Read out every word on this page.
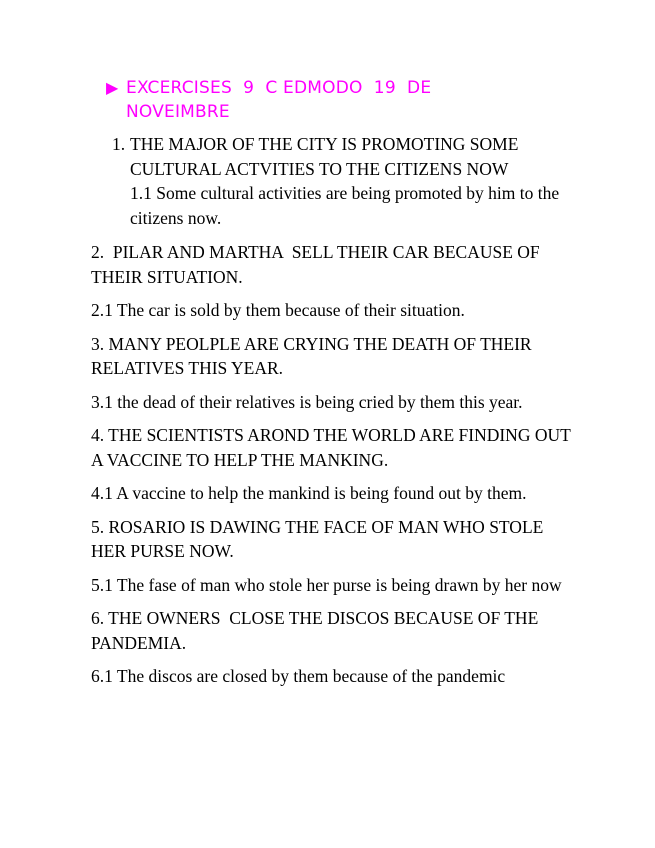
▶ EXCERCISES  9  C EDMODO  19  DE NOVEIMBRE
1. THE MAJOR OF THE CITY IS PROMOTING SOME CULTURAL ACTVITIES TO THE CITIZENS NOW
1.1 Some cultural activities are being promoted by him to the citizens now.

2.  PILAR AND MARTHA  SELL THEIR CAR BECAUSE OF THEIR SITUATION.

2.1 The car is sold by them because of their situation.

3. MANY PEOLPLE ARE CRYING THE DEATH OF THEIR RELATIVES THIS YEAR.

3.1 the dead of their relatives is being cried by them this year.

4. THE SCIENTISTS AROND THE WORLD ARE FINDING OUT A VACCINE TO HELP THE MANKING.

4.1 A vaccine to help the mankind is being found out by them.

5. ROSARIO IS DAWING THE FACE OF MAN WHO STOLE HER PURSE NOW.

5.1 The fase of man who stole her purse is being drawn by her now

6. THE OWNERS  CLOSE THE DISCOS BECAUSE OF THE PANDEMIA.

6.1 The discos are closed by them because of the pandemic
